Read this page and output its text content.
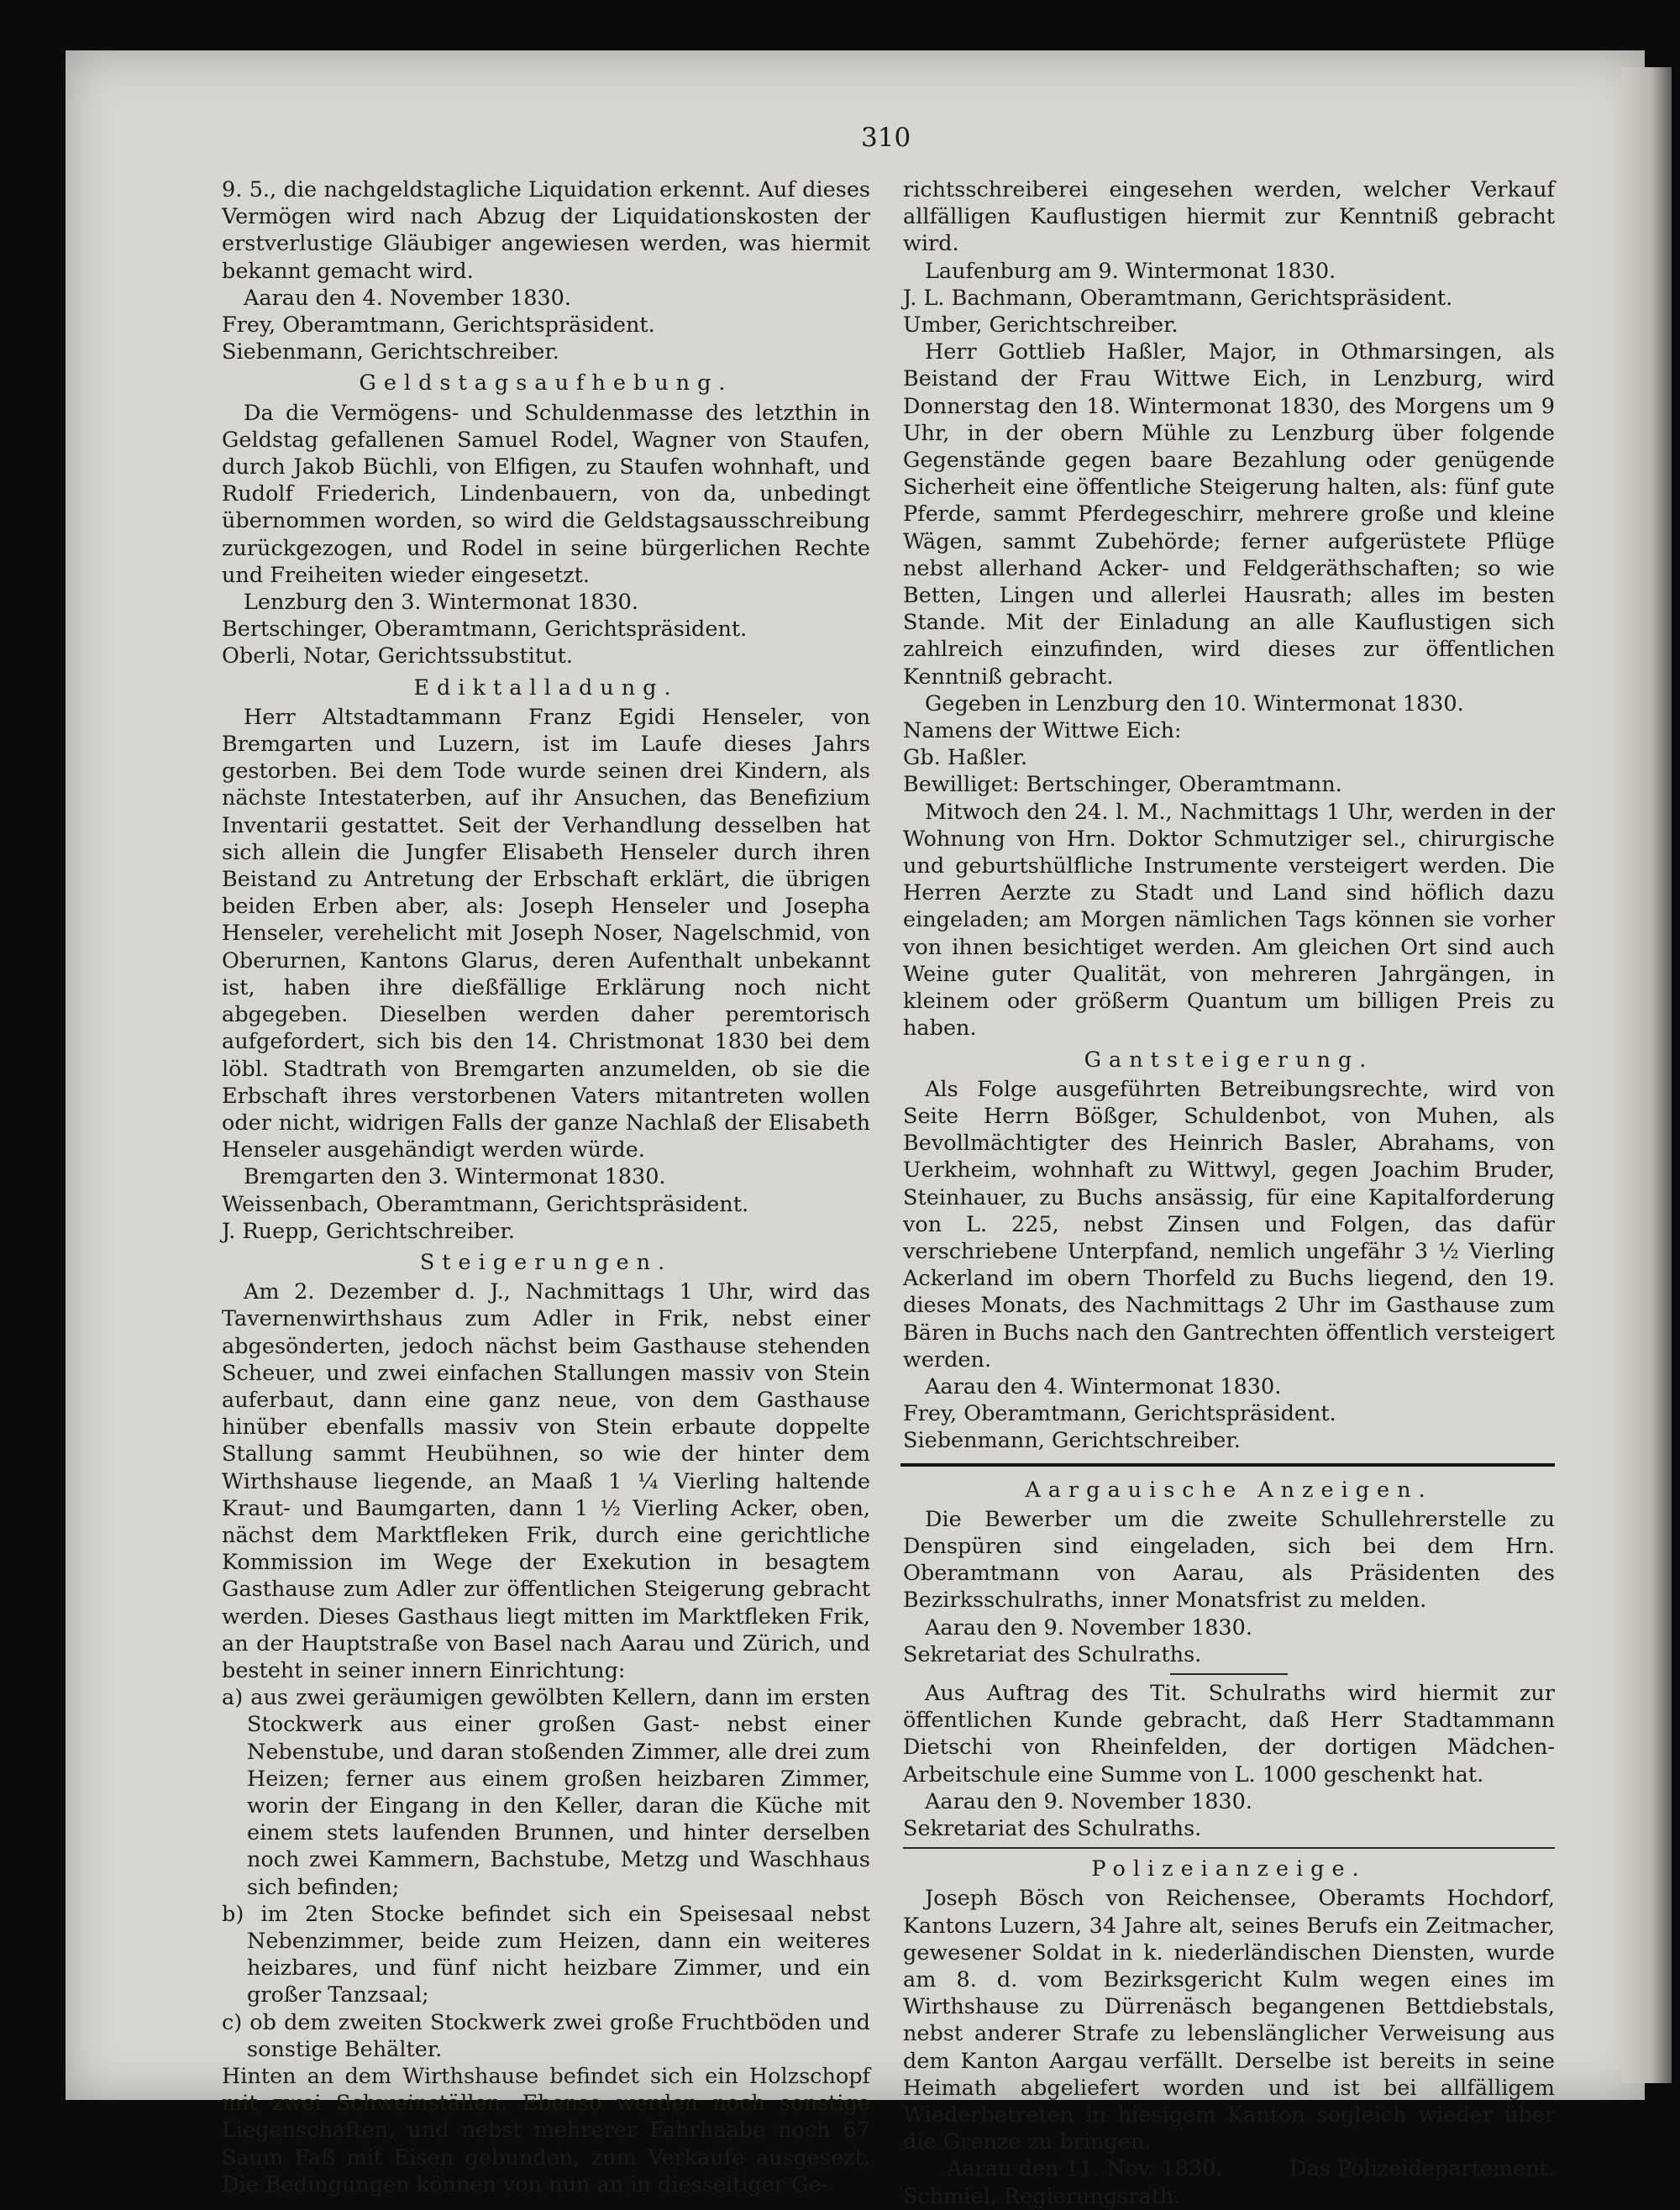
310

9. 5., die nachgeldstagliche Liquidation erkennt. Auf dieses Vermögen wird nach Abzug der Liquidationskosten der erstverlustige Gläubiger angewiesen werden, was hiermit bekannt gemacht wird.

Aarau den 4. November 1830.

Frey, Oberamtmann, Gerichtspräsident.

Siebenmann, Gerichtschreiber.

Geldstagsaufhebung.

Da die Vermögens- und Schuldenmasse des letzthin in Geldstag gefallenen Samuel Rodel, Wagner von Staufen, durch Jakob Büchli, von Elfigen, zu Staufen wohnhaft, und Rudolf Friederich, Lindenbauern, von da, unbedingt übernommen worden, so wird die Geldstagsausschreibung zurückgezogen, und Rodel in seine bürgerlichen Rechte und Freiheiten wieder eingesetzt.

Lenzburg den 3. Wintermonat 1830.

Bertschinger, Oberamtmann, Gerichtspräsident.

Oberli, Notar, Gerichtssubstitut.

Ediktalladung.

Herr Altstadtammann Franz Egidi Henseler, von Bremgarten und Luzern, ist im Laufe dieses Jahrs gestorben. Bei dem Tode wurde seinen drei Kindern, als nächste Intestaterben, auf ihr Ansuchen, das Benefizium Inventarii gestattet. Seit der Verhandlung desselben hat sich allein die Jungfer Elisabeth Henseler durch ihren Beistand zu Antretung der Erbschaft erklärt, die übrigen beiden Erben aber, als: Joseph Henseler und Josepha Henseler, verehelicht mit Joseph Noser, Nagelschmid, von Oberurnen, Kantons Glarus, deren Aufenthalt unbekannt ist, haben ihre dießfällige Erklärung noch nicht abgegeben. Dieselben werden daher peremtorisch aufgefordert, sich bis den 14. Christmonat 1830 bei dem löbl. Stadtrath von Bremgarten anzumelden, ob sie die Erbschaft ihres verstorbenen Vaters mitantreten wollen oder nicht, widrigen Falls der ganze Nachlaß der Elisabeth Henseler ausgehändigt werden würde.

Bremgarten den 3. Wintermonat 1830.

Weissenbach, Oberamtmann, Gerichtspräsident.

J. Ruepp, Gerichtschreiber.

Steigerungen.

Am 2. Dezember d. J., Nachmittags 1 Uhr, wird das Tavernenwirthshaus zum Adler in Frik, nebst einer abgesönderten, jedoch nächst beim Gasthause stehenden Scheuer, und zwei einfachen Stallungen massiv von Stein auferbaut, dann eine ganz neue, von dem Gasthause hinüber ebenfalls massiv von Stein erbaute doppelte Stallung sammt Heubühnen, so wie der hinter dem Wirthshause liegende, an Maaß 1 ¼ Vierling haltende Kraut- und Baumgarten, dann 1 ½ Vierling Acker, oben, nächst dem Marktfleken Frik, durch eine gerichtliche Kommission im Wege der Exekution in besagtem Gasthause zum Adler zur öffentlichen Steigerung gebracht werden. Dieses Gasthaus liegt mitten im Marktfleken Frik, an der Hauptstraße von Basel nach Aarau und Zürich, und besteht in seiner innern Einrichtung:

a) aus zwei geräumigen gewölbten Kellern, dann im ersten Stockwerk aus einer großen Gast- nebst einer Nebenstube, und daran stoßenden Zimmer, alle drei zum Heizen; ferner aus einem großen heizbaren Zimmer, worin der Eingang in den Keller, daran die Küche mit einem stets laufenden Brunnen, und hinter derselben noch zwei Kammern, Bachstube, Metzg und Waschhaus sich befinden;

b) im 2ten Stocke befindet sich ein Speisesaal nebst Nebenzimmer, beide zum Heizen, dann ein weiteres heizbares, und fünf nicht heizbare Zimmer, und ein großer Tanzsaal;

c) ob dem zweiten Stockwerk zwei große Fruchtböden und sonstige Behälter.

Hinten an dem Wirthshause befindet sich ein Holzschopf mit zwei Schweinställen. Ebenso werden noch sonstige Liegenschaften, und nebst mehrerer Fahrhaabe noch 67 Saum Faß mit Eisen gebunden, zum Verkaufe ausgesezt. Die Bedingungen können von nun an in diesseitiger Ge-

richtsschreiberei eingesehen werden, welcher Verkauf allfälligen Kauflustigen hiermit zur Kenntniß gebracht wird.

Laufenburg am 9. Wintermonat 1830.

J. L. Bachmann, Oberamtmann, Gerichtspräsident.

Umber, Gerichtschreiber.

Herr Gottlieb Haßler, Major, in Othmarsingen, als Beistand der Frau Wittwe Eich, in Lenzburg, wird Donnerstag den 18. Wintermonat 1830, des Morgens um 9 Uhr, in der obern Mühle zu Lenzburg über folgende Gegenstände gegen baare Bezahlung oder genügende Sicherheit eine öffentliche Steigerung halten, als: fünf gute Pferde, sammt Pferdegeschirr, mehrere große und kleine Wägen, sammt Zubehörde; ferner aufgerüstete Pflüge nebst allerhand Acker- und Feldgeräthschaften; so wie Betten, Lingen und allerlei Hausrath; alles im besten Stande. Mit der Einladung an alle Kauflustigen sich zahlreich einzufinden, wird dieses zur öffentlichen Kenntniß gebracht.

Gegeben in Lenzburg den 10. Wintermonat 1830.

Namens der Wittwe Eich:

Gb. Haßler.

Bewilliget: Bertschinger, Oberamtmann.

Mitwoch den 24. l. M., Nachmittags 1 Uhr, werden in der Wohnung von Hrn. Doktor Schmutziger sel., chirurgische und geburtshülfliche Instrumente versteigert werden. Die Herren Aerzte zu Stadt und Land sind höflich dazu eingeladen; am Morgen nämlichen Tags können sie vorher von ihnen besichtiget werden. Am gleichen Ort sind auch Weine guter Qualität, von mehreren Jahrgängen, in kleinem oder größerm Quantum um billigen Preis zu haben.

Gantsteigerung.

Als Folge ausgeführten Betreibungsrechte, wird von Seite Herrn Bößger, Schuldenbot, von Muhen, als Bevollmächtigter des Heinrich Basler, Abrahams, von Uerkheim, wohnhaft zu Wittwyl, gegen Joachim Bruder, Steinhauer, zu Buchs ansässig, für eine Kapitalforderung von L. 225, nebst Zinsen und Folgen, das dafür verschriebene Unterpfand, nemlich ungefähr 3 ½ Vierling Ackerland im obern Thorfeld zu Buchs liegend, den 19. dieses Monats, des Nachmittags 2 Uhr im Gasthause zum Bären in Buchs nach den Gantrechten öffentlich versteigert werden.

Aarau den 4. Wintermonat 1830.

Frey, Oberamtmann, Gerichtspräsident.

Siebenmann, Gerichtschreiber.

Aargauische Anzeigen.

Die Bewerber um die zweite Schullehrerstelle zu Denspüren sind eingeladen, sich bei dem Hrn. Oberamtmann von Aarau, als Präsidenten des Bezirksschulraths, inner Monatsfrist zu melden.

Aarau den 9. November 1830.

Sekretariat des Schulraths.

Aus Auftrag des Tit. Schulraths wird hiermit zur öffentlichen Kunde gebracht, daß Herr Stadtammann Dietschi von Rheinfelden, der dortigen Mädchen-Arbeitschule eine Summe von L. 1000 geschenkt hat.

Aarau den 9. November 1830.

Sekretariat des Schulraths.

Polizeianzeige.

Joseph Bösch von Reichensee, Oberamts Hochdorf, Kantons Luzern, 34 Jahre alt, seines Berufs ein Zeitmacher, gewesener Soldat in k. niederländischen Diensten, wurde am 8. d. vom Bezirksgericht Kulm wegen eines im Wirthshause zu Dürrenäsch begangenen Bettdiebstals, nebst anderer Strafe zu lebenslänglicher Verweisung aus dem Kanton Aargau verfällt. Derselbe ist bereits in seine Heimath abgeliefert worden und ist bei allfälligem Wiederbetreten in hiesigem Kanton sogleich wieder über die Grenze zu bringen.

Aarau den 11. Nov. 1830.	Das Polizeidepartement.

Schmiel, Regierungsrath.
